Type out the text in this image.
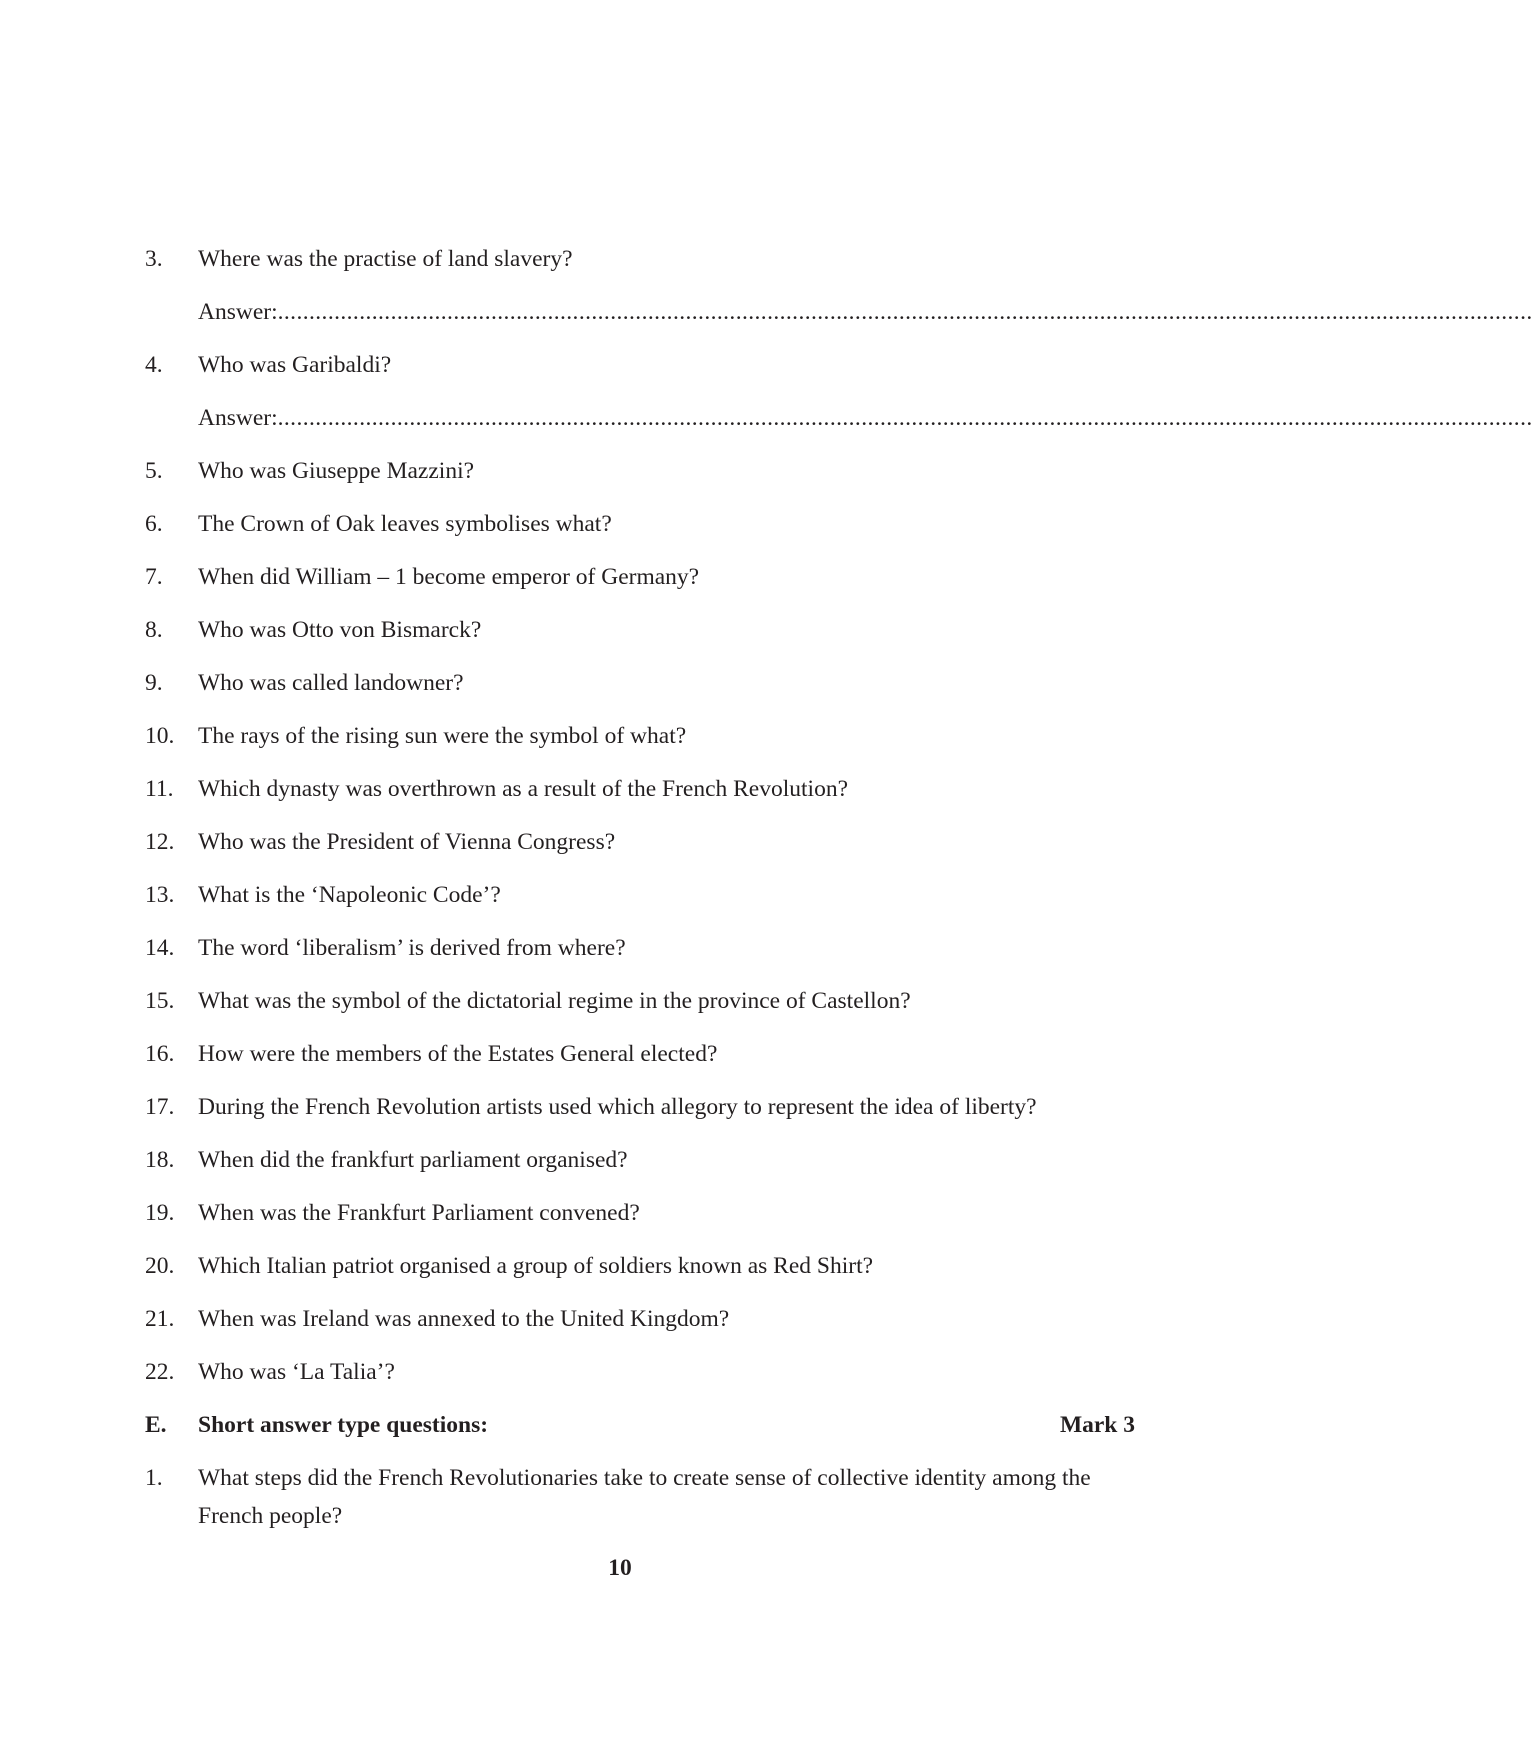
3.	Where was the practise of land slavery?
Answer: ........................................................................................................................................................................................................
4.	Who was Garibaldi?
Answer: ........................................................................................................................................................................................................
5.	Who was Giuseppe Mazzini?
6.	The Crown of Oak leaves symbolises what?
7.	When did William – 1 become emperor of Germany?
8.	Who was Otto von Bismarck?
9.	Who was called landowner?
10.	The rays of the rising sun were the symbol of what?
11.	Which dynasty was overthrown as a result of the French Revolution?
12.	Who was the President of Vienna Congress?
13.	What is the ‘Napoleonic Code’?
14.	The word ‘liberalism’ is derived from where?
15.	What was the symbol of the dictatorial regime in the province of Castellon?
16.	How were the members of the Estates General elected?
17.	During the French Revolution artists used which allegory to represent the idea of liberty?
18.	When did the frankfurt parliament organised?
19.	When was the Frankfurt Parliament convened?
20.	Which Italian patriot organised a group of soldiers known as Red Shirt?
21.	When was Ireland was annexed to the United Kingdom?
22.	Who was ‘La Talia’?
E.	Short answer type questions:	Mark 3
1.	What steps did the French Revolutionaries take to create sense of collective identity among the French people?
10
